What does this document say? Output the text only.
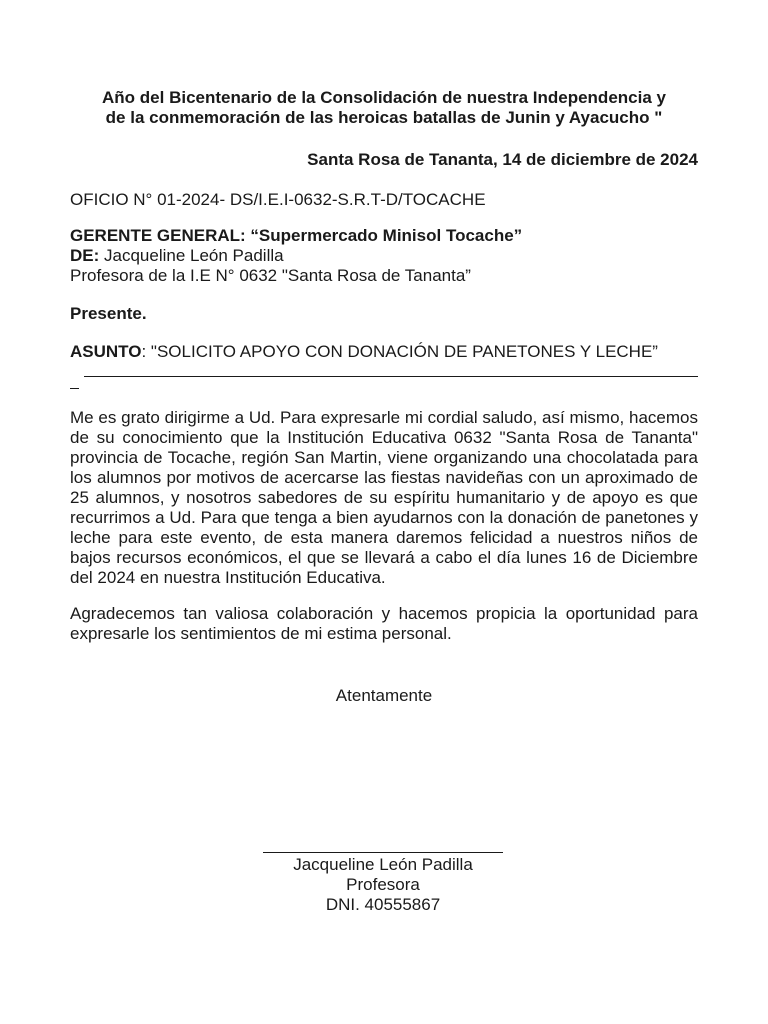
Año del Bicentenario de la Consolidación de nuestra Independencia y
de la conmemoración de las heroicas batallas de Junin y Ayacucho "

Santa Rosa de Tananta, 14 de diciembre de 2024
OFICIO N° 01-2024- DS/I.E.I-0632-S.R.T-D/TOCACHE
GERENTE GENERAL: “Supermercado Minisol Tocache”
DE: Jacqueline León Padilla
Profesora de la I.E N° 0632 "Santa Rosa de Tananta”
Presente.
ASUNTO: "SOLICITO APOYO CON DONACIÓN DE PANETONES Y LECHE”
Me es grato dirigirme a Ud. Para expresarle mi cordial saludo, así mismo, hacemos de su conocimiento que la Institución Educativa 0632 "Santa Rosa de Tananta" provincia de Tocache, región San Martin, viene organizando una chocolatada para los alumnos por motivos de acercarse las fiestas navideñas con un aproximado de 25 alumnos, y nosotros sabedores de su espíritu humanitario y de apoyo es que recurrimos a Ud. Para que tenga a bien ayudarnos con la donación de panetones y leche para este evento, de esta manera daremos felicidad a nuestros niños de bajos recursos económicos, el que se llevará a cabo el día lunes 16 de Diciembre del 2024 en nuestra Institución Educativa.
Agradecemos tan valiosa colaboración y hacemos propicia la oportunidad para expresarle los sentimientos de mi estima personal.
Atentamente
Jacqueline León Padilla
Profesora
DNI. 40555867
